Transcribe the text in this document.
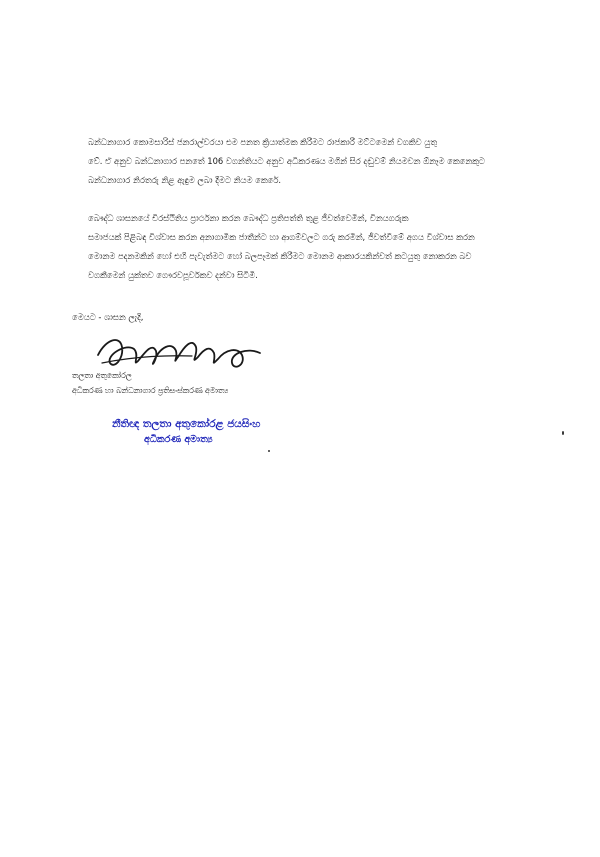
බන්ධනාගාර කොමසාරිස් ජනරාල්වරයා එම පනත ක්‍රියාත්මක කිරීමට රාජකාරී මට්ටමෙන් වගකිව යුතු
වේ. ඒ අනුව බන්ධනාගාර පනතේ 106 වගන්තියට අනුව අධිකරණය මගින් සිර දඬුවම් නියමවන ඕනෑම කෙනෙකුට
බන්ධනාගාර නිරතරු නිළ ඇඳුම ලබා දීමට නියම කෙරේ.
බෞද්ධ ශාසනයේ චිරස්ථිතිය ප්‍රාර්ථනා කරන බෞද්ධ ප්‍රතිපත්ති තුළ ජීවත්වෙමින්, විනයගරුක
සමාජයක් පිළිබඳ විශ්වාස කරන අනාගාමික ජාතීන්ට හා ආගම්වලට ගරු කරමින්, ජීවත්වීමේ අගය විශ්වාස කරන
මොනම පදනමකින් හෝ එහි පැවැත්මට හෝ බලපෑමක් කිරීමට මොනම ආකාරයකින්වත් කටයුතු නොකරන බව
වගකීමෙන් යුක්තව ගෞරවපූර්වකව දන්වා සිටිමි.
මෙයට - ශාසන ලැදි,
තලතා අතුකෝරල
අධිකරණ හා බන්ධනාගාර ප්‍රතිසංස්කරණ අමාත්‍ය
නීතිඥ තලතා අතුකෝරළ ජයසිංහ
අධිකරණ අමාත්‍ය
